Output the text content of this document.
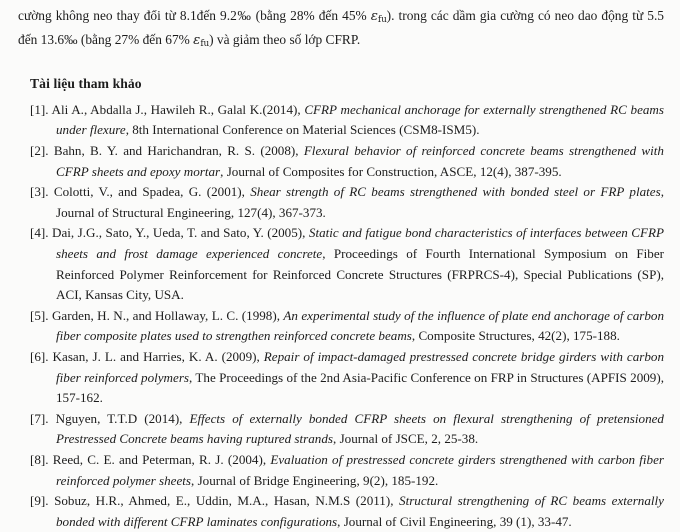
cường không neo thay đổi từ 8.1đến 9.2‰ (bằng 28% đến 45% $\varepsilon_{fu}$). trong các dầm gia cường có neo dao động từ 5.5 đến 13.6‰ (bằng 27% đến 67% $\varepsilon_{fu}$) và giảm theo số lớp CFRP.

Tài liệu tham khảo
[1]. Ali A., Abdalla J., Hawileh R., Galal K.(2014), CFRP mechanical anchorage for externally strengthened RC beams under flexure, 8th International Conference on Material Sciences (CSM8-ISM5).
[2]. Bahn, B. Y. and Harichandran, R. S. (2008), Flexural behavior of reinforced concrete beams strengthened with CFRP sheets and epoxy mortar, Journal of Composites for Construction, ASCE, 12(4), 387-395.
[3]. Colotti, V., and Spadea, G. (2001), Shear strength of RC beams strengthened with bonded steel or FRP plates, Journal of Structural Engineering, 127(4), 367-373.
[4]. Dai, J.G., Sato, Y., Ueda, T. and Sato, Y. (2005), Static and fatigue bond characteristics of interfaces between CFRP sheets and frost damage experienced concrete, Proceedings of Fourth International Symposium on Fiber Reinforced Polymer Reinforcement for Reinforced Concrete Structures (FRPRCS-4), Special Publications (SP), ACI, Kansas City, USA.
[5]. Garden, H. N., and Hollaway, L. C. (1998), An experimental study of the influence of plate end anchorage of carbon fiber composite plates used to strengthen reinforced concrete beams, Composite Structures, 42(2), 175-188.
[6]. Kasan, J. L. and Harries, K. A. (2009), Repair of impact-damaged prestressed concrete bridge girders with carbon fiber reinforced polymers, The Proceedings of the 2nd Asia-Pacific Conference on FRP in Structures (APFIS 2009), 157-162.
[7]. Nguyen, T.T.D (2014), Effects of externally bonded CFRP sheets on flexural strengthening of pretensioned Prestressed Concrete beams having ruptured strands, Journal of JSCE, 2, 25-38.
[8]. Reed, C. E. and Peterman, R. J. (2004), Evaluation of prestressed concrete girders strengthened with carbon fiber reinforced polymer sheets, Journal of Bridge Engineering, 9(2), 185-192.
[9]. Sobuz, H.R., Ahmed, E., Uddin, M.A., Hasan, N.M.S (2011), Structural strengthening of RC beams externally bonded with different CFRP laminates configurations, Journal of Civil Engineering, 39 (1), 33-47.
